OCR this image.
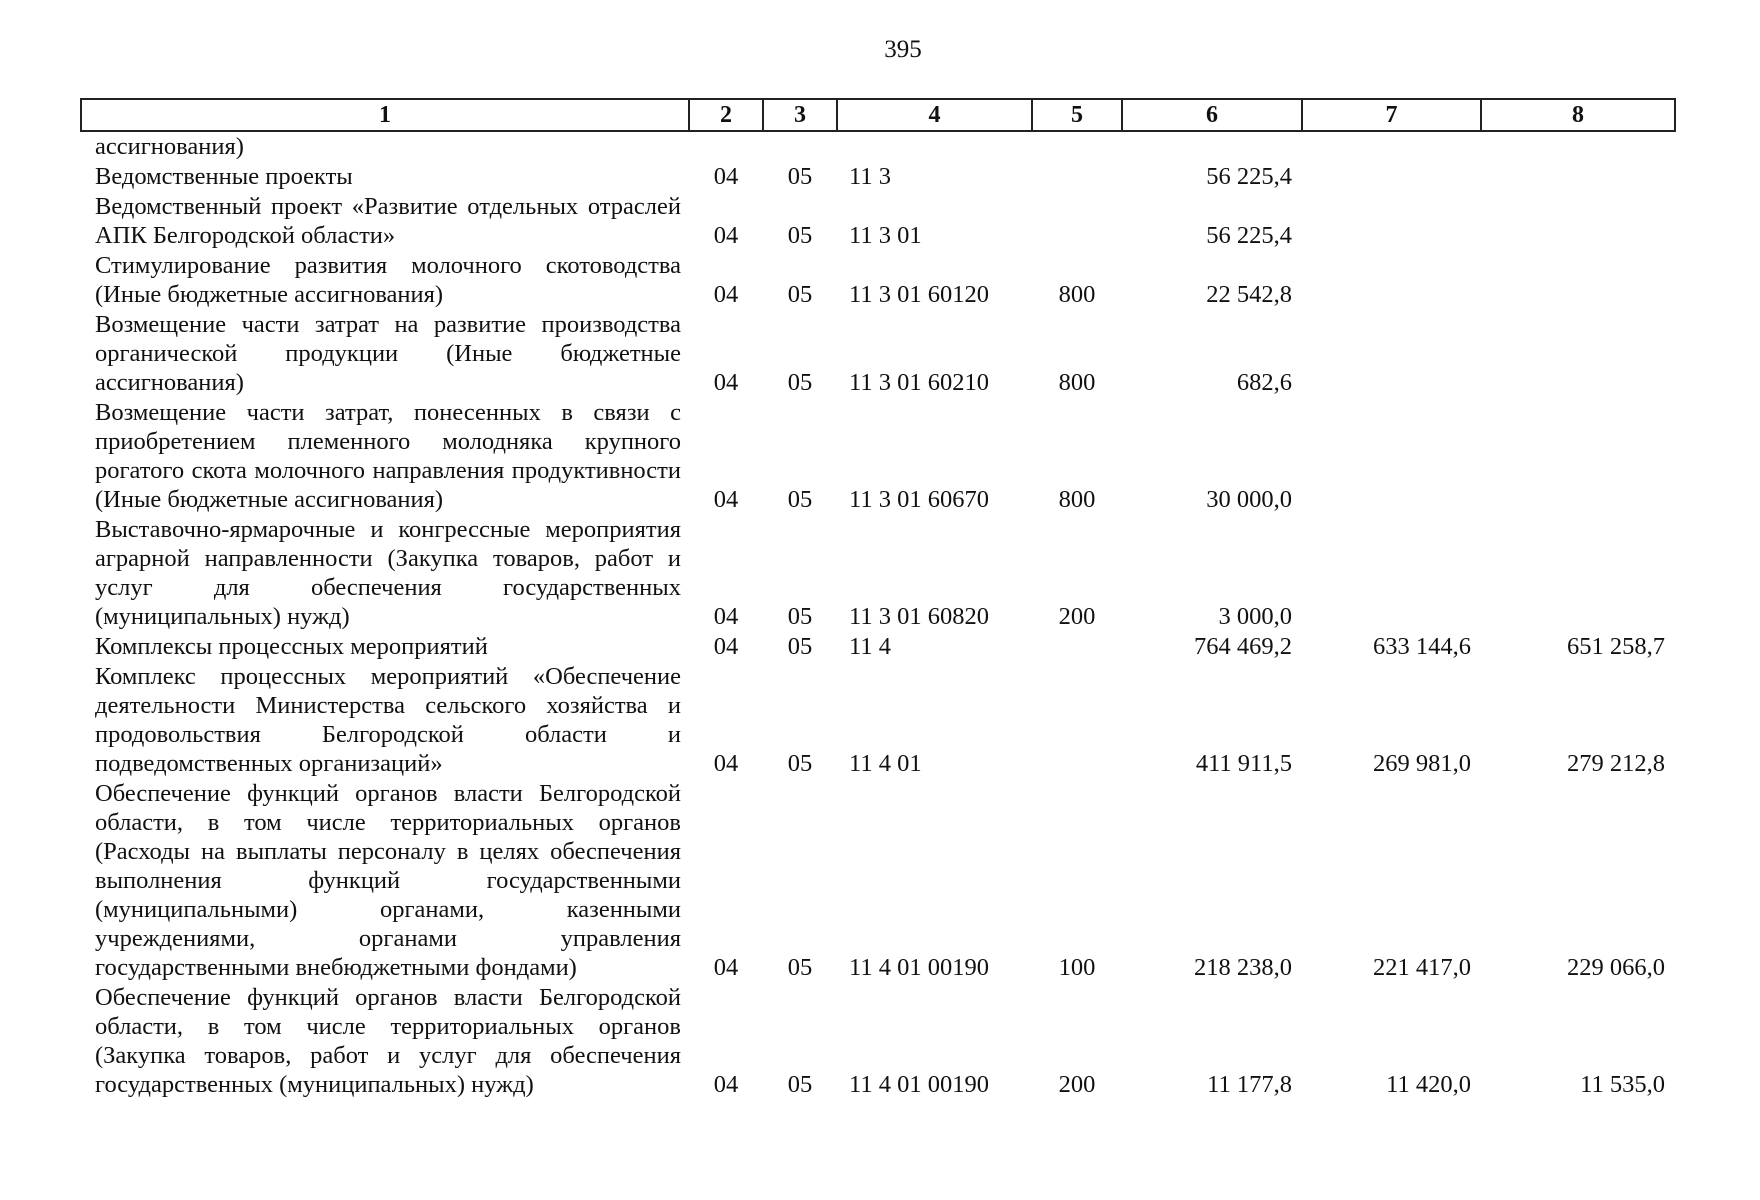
395
1	2	3	4	5	6	7	8
ассигнования)							
Ведомственные проекты	04	05	11 3		56 225,4		
Ведомственный проект «Развитие отдельных отраслей АПК Белгородской области»	04	05	11 3 01		56 225,4		
Стимулирование развития молочного скотоводства (Иные бюджетные ассигнования)	04	05	11 3 01 60120	800	22 542,8		
Возмещение части затрат на развитие производства органической продукции (Иные бюджетные ассигнования)	04	05	11 3 01 60210	800	682,6		
Возмещение части затрат, понесенных в связи с приобретением племенного молодняка крупного рогатого скота молочного направления продуктивности (Иные бюджетные ассигнования)	04	05	11 3 01 60670	800	30 000,0		
Выставочно-ярмарочные и конгрессные мероприятия аграрной направленности (Закупка товаров, работ и услуг для обеспечения государственных (муниципальных) нужд)	04	05	11 3 01 60820	200	3 000,0		
Комплексы процессных мероприятий	04	05	11 4		764 469,2	633 144,6	651 258,7
Комплекс процессных мероприятий «Обеспечение деятельности Министерства сельского хозяйства и продовольствия Белгородской области и подведомственных организаций»	04	05	11 4 01		411 911,5	269 981,0	279 212,8
Обеспечение функций органов власти Белгородской области, в том числе территориальных органов (Расходы на выплаты персоналу в целях обеспечения выполнения функций государственными (муниципальными) органами, казенными учреждениями, органами управления государственными внебюджетными фондами)	04	05	11 4 01 00190	100	218 238,0	221 417,0	229 066,0
Обеспечение функций органов власти Белгородской области, в том числе территориальных органов (Закупка товаров, работ и услуг для обеспечения государственных (муниципальных) нужд)	04	05	11 4 01 00190	200	11 177,8	11 420,0	11 535,0
